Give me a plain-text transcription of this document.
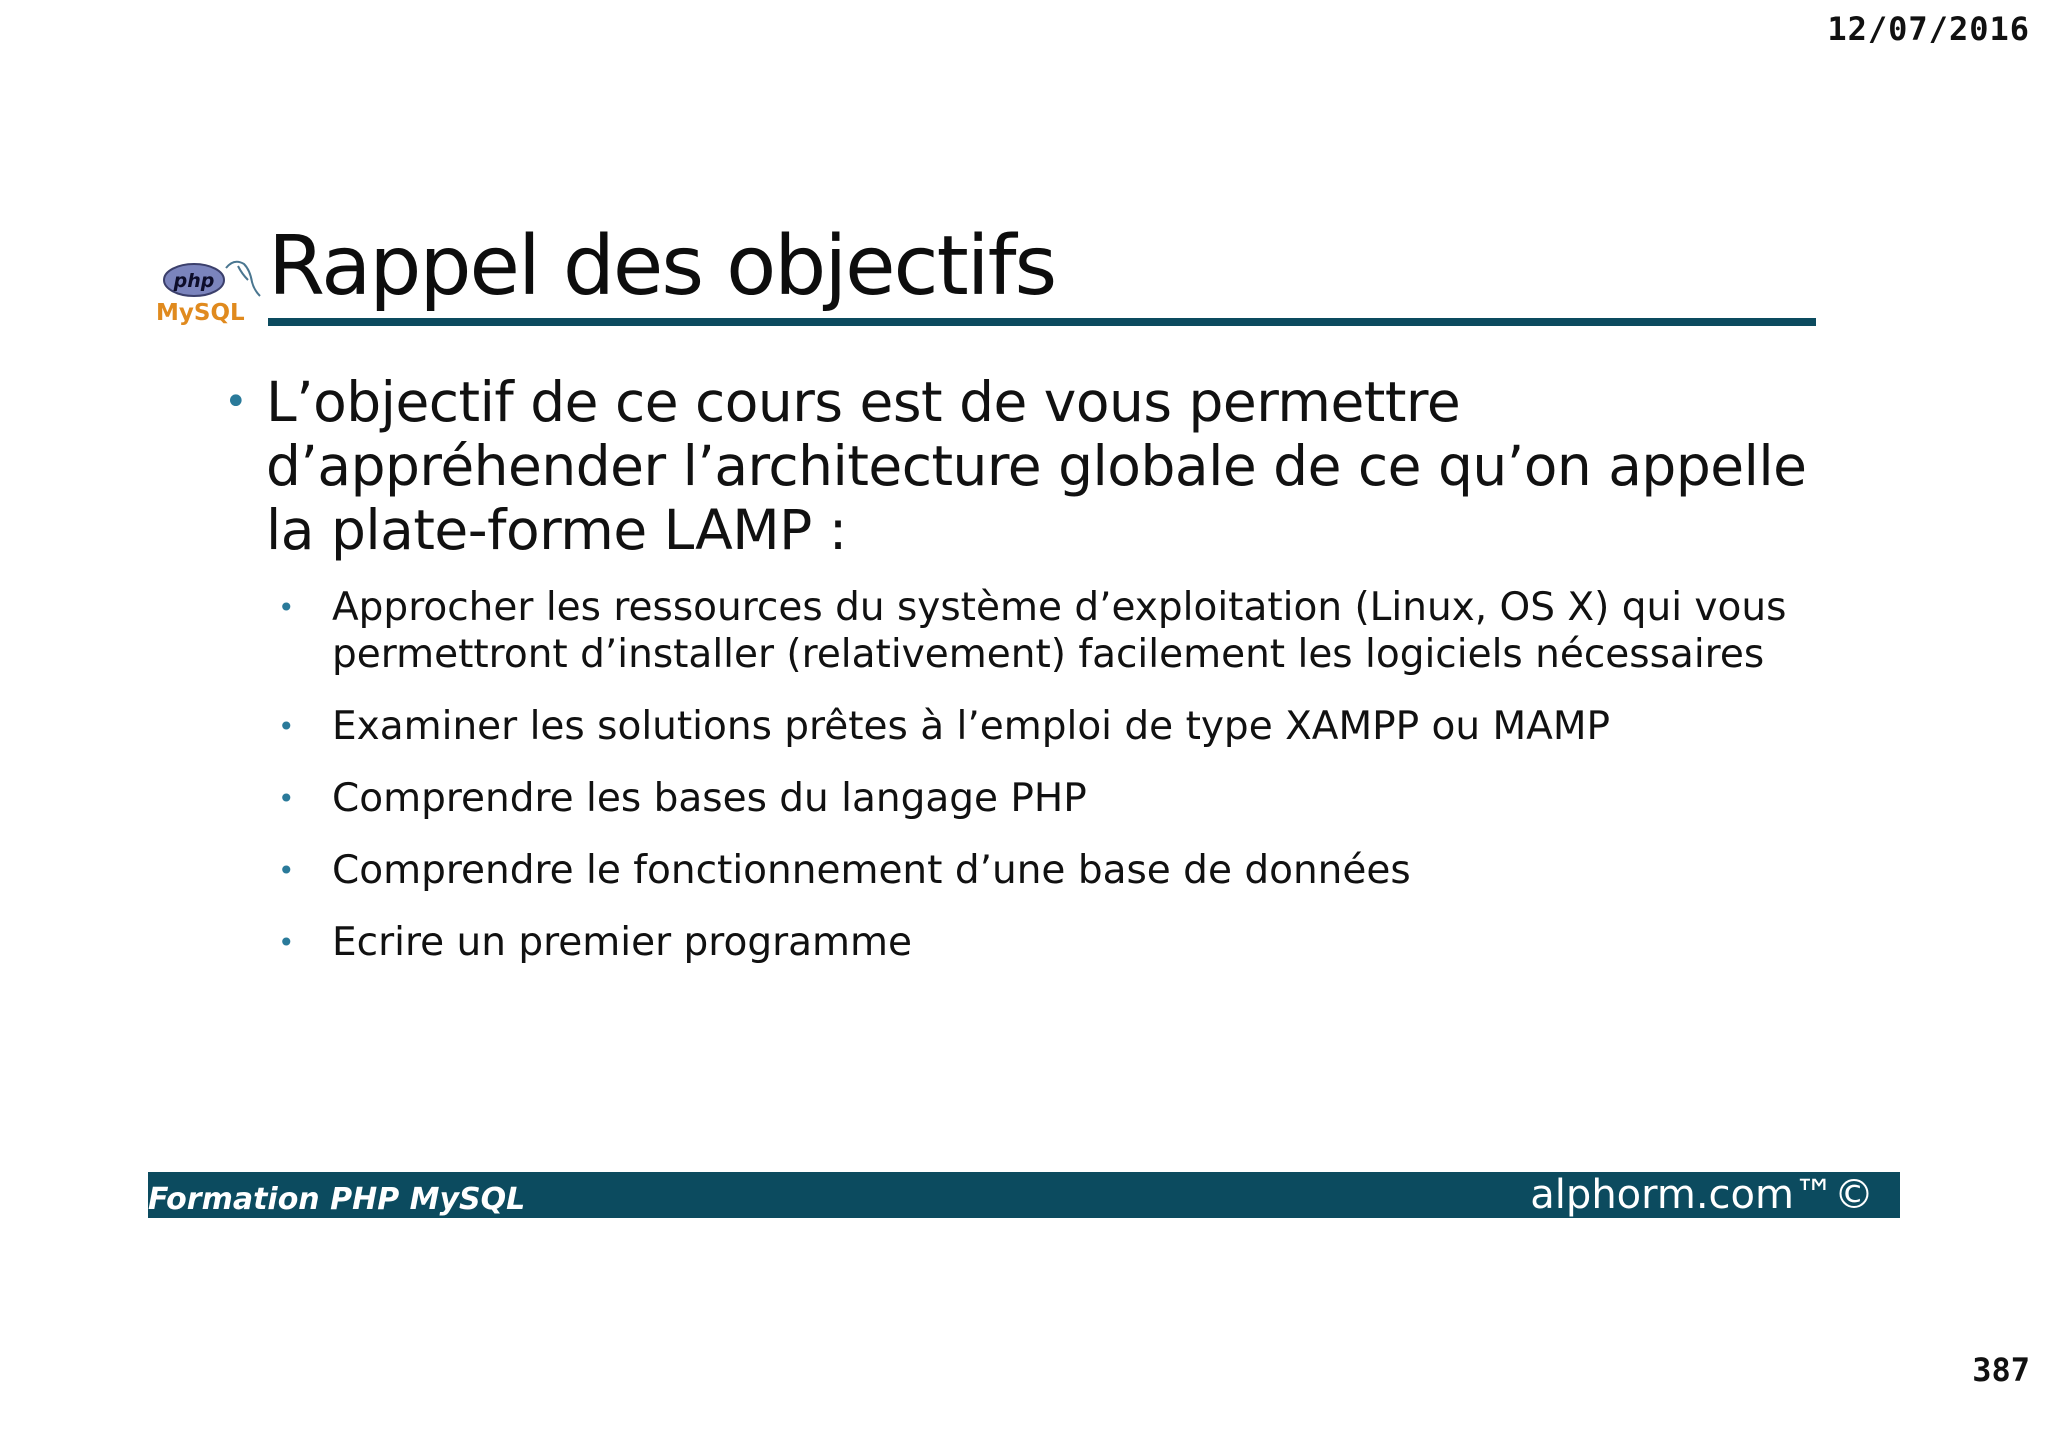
12/07/2016
php
MySQL Rappel des objectifs
• L’objectif de ce cours est de vous permettre d’appréhender l’architecture globale de ce qu’on appelle la plate-forme LAMP :
• Approcher les ressources du système d’exploitation (Linux, OS X) qui vous permettront d’installer (relativement) facilement les logiciels nécessaires
• Examiner les solutions prêtes à l’emploi de type XAMPP ou MAMP
• Comprendre les bases du langage PHP
• Comprendre le fonctionnement d’une base de données
• Ecrire un premier programme
Formation PHP MySQL	alphorm.com™©
387
